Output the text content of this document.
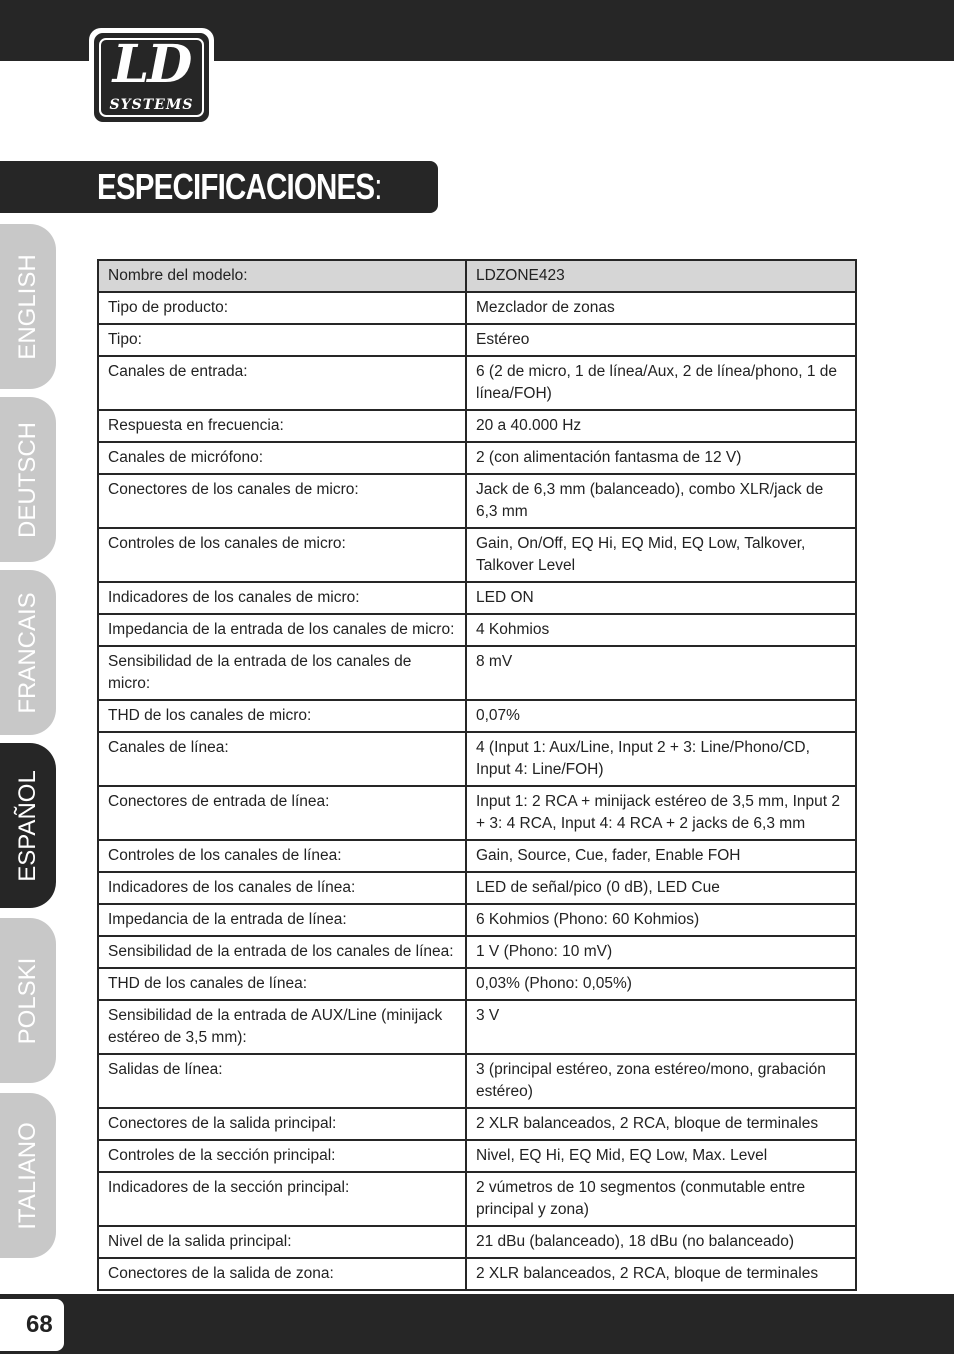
LD
SYSTEMS
ESPECIFICACIONES:
ENGLISH
DEUTSCH
FRANCAIS
ESPAÑOL
POLSKI
ITALIANO
Nombre del modelo:	LDZONE423
Tipo de producto:	Mezclador de zonas
Tipo:	Estéreo
Canales de entrada:	6 (2 de micro, 1 de línea/Aux, 2 de línea/phono, 1 de línea/FOH)
Respuesta en frecuencia:	20 a 40.000 Hz
Canales de micrófono:	2 (con alimentación fantasma de 12 V)
Conectores de los canales de micro:	Jack de 6,3 mm (balanceado), combo XLR/jack de 6,3 mm
Controles de los canales de micro:	Gain, On/Off, EQ Hi, EQ Mid, EQ Low, Talkover, Talkover Level
Indicadores de los canales de micro:	LED ON
Impedancia de la entrada de los canales de micro:	4 Kohmios
Sensibilidad de la entrada de los canales de micro:	8 mV
THD de los canales de micro:	0,07%
Canales de línea:	4 (Input 1: Aux/Line, Input 2 + 3: Line/Phono/CD, Input 4: Line/FOH)
Conectores de entrada de línea:	Input 1: 2 RCA + minijack estéreo de 3,5 mm, Input 2 + 3: 4 RCA, Input 4: 4 RCA + 2 jacks de 6,3 mm
Controles de los canales de línea:	Gain, Source, Cue, fader, Enable FOH
Indicadores de los canales de línea:	LED de señal/pico (0 dB), LED Cue
Impedancia de la entrada de línea:	6 Kohmios (Phono: 60 Kohmios)
Sensibilidad de la entrada de los canales de línea:	1 V (Phono: 10 mV)
THD de los canales de línea:	0,03% (Phono: 0,05%)
Sensibilidad de la entrada de AUX/Line (minijack estéreo de 3,5 mm):	3 V
Salidas de línea:	3 (principal estéreo, zona estéreo/mono, grabación estéreo)
Conectores de la salida principal:	2 XLR balanceados, 2 RCA, bloque de terminales
Controles de la sección principal:	Nivel, EQ Hi, EQ Mid, EQ Low, Max. Level
Indicadores de la sección principal:	2 vúmetros de 10 segmentos (conmutable entre principal y zona)
Nivel de la salida principal:	21 dBu (balanceado), 18 dBu (no balanceado)
Conectores de la salida de zona:	2 XLR balanceados, 2 RCA, bloque de terminales
68
